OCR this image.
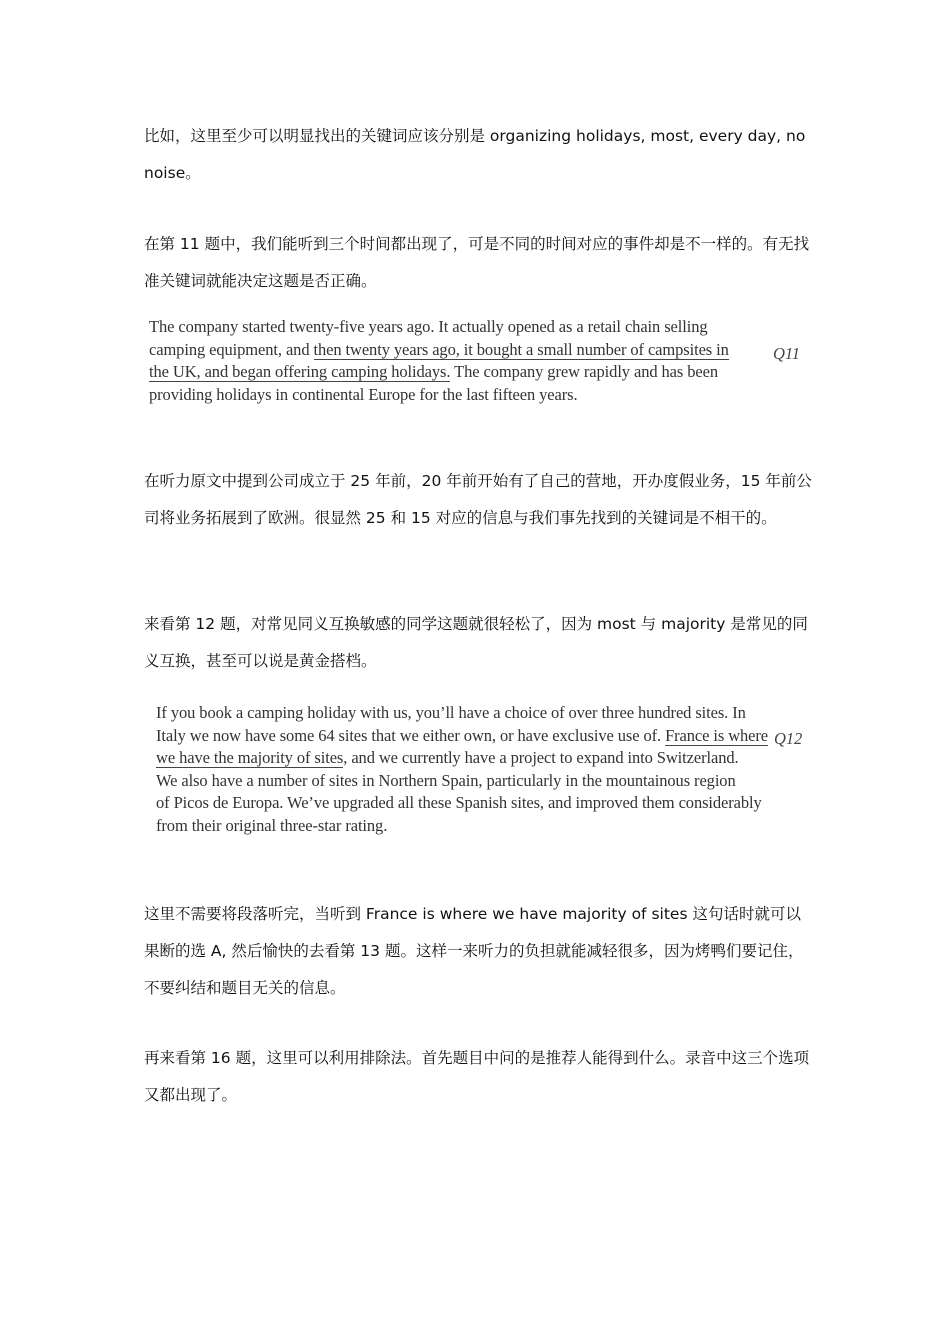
比如，这里至少可以明显找出的关键词应该分别是 organizing holidays, most, every day, no noise。

在第 11 题中，我们能听到三个时间都出现了，可是不同的时间对应的事件却是不一样的。有无找准关键词就能决定这题是否正确。

The company started twenty-five years ago. It actually opened as a retail chain selling
camping equipment, and then twenty years ago, it bought a small number of campsites in
the UK, and began offering camping holidays. The company grew rapidly and has been
providing holidays in continental Europe for the last fifteen years.
Q11

在听力原文中提到公司成立于 25 年前，20 年前开始有了自己的营地，开办度假业务，15 年前公司将业务拓展到了欧洲。很显然 25 和 15 对应的信息与我们事先找到的关键词是不相干的。

来看第 12 题，对常见同义互换敏感的同学这题就很轻松了，因为 most 与 majority 是常见的同义互换，甚至可以说是黄金搭档。

If you book a camping holiday with us, you’ll have a choice of over three hundred sites. In
Italy we now have some 64 sites that we either own, or have exclusive use of. France is where
we have the majority of sites, and we currently have a project to expand into Switzerland.
We also have a number of sites in Northern Spain, particularly in the mountainous region
of Picos de Europa. We’ve upgraded all these Spanish sites, and improved them considerably
from their original three-star rating.
Q12

这里不需要将段落听完，当听到 France is where we have majority of sites 这句话时就可以果断的选 A, 然后愉快的去看第 13 题。这样一来听力的负担就能减轻很多，因为烤鸭们要记住，不要纠结和题目无关的信息。

再来看第 16 题，这里可以利用排除法。首先题目中问的是推荐人能得到什么。录音中这三个选项又都出现了。
